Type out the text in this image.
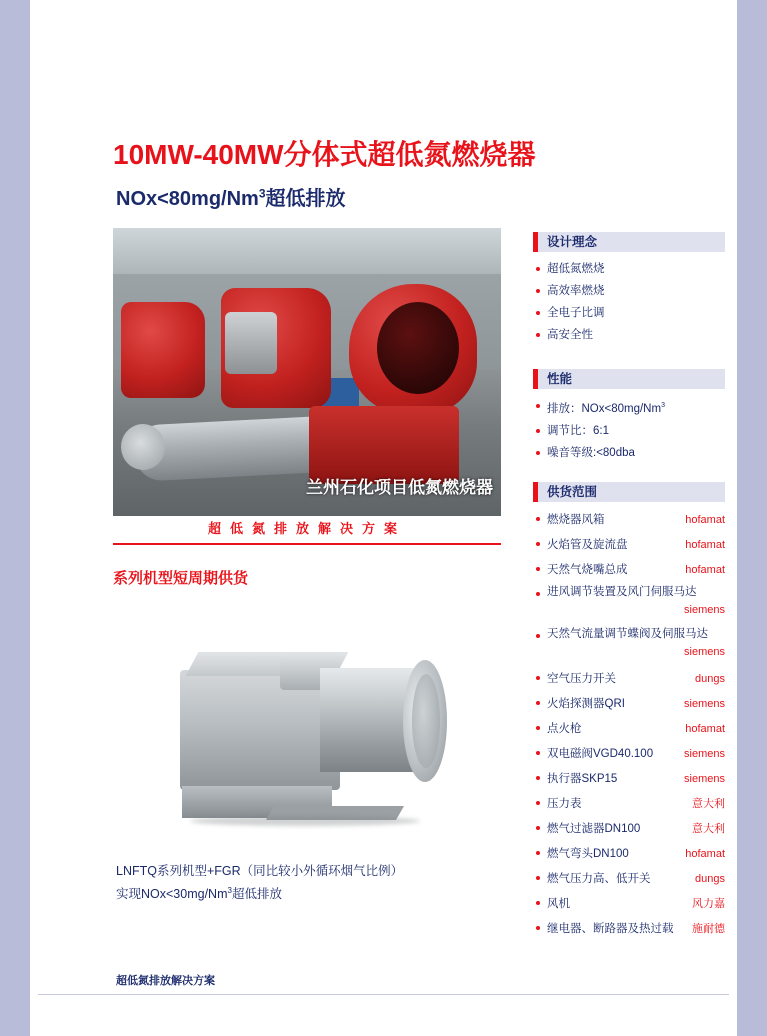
10MW-40MW分体式超低氮燃烧器
$NOx<80mg/Nm^3$超低排放
兰州石化项目低氮燃烧器
超低氮排放解决方案
系列机型短周期供货
LNFTQ系列机型+FGR（同比较小外循环烟气比例）
实现$NOx<30mg/Nm^3$超低排放
超低氮排放解决方案
设计理念
超低氮燃烧
高效率燃烧
全电子比调
高安全性
性能
排放：$NOx<80mg/Nm^3$
调节比：6:1
噪音等级:<80dba
供货范围
hofamat
燃烧器风箱
hofamat
火焰管及旋流盘
hofamat
天然气烧嘴总成
进风调节装置及风门伺服马达
siemens
天然气流量调节蝶阀及伺服马达
siemens
dungs
空气压力开关
siemens
火焰探测器QRI
hofamat
点火枪
siemens
双电磁阀VGD40.100
siemens
执行器SKP15
意大利
压力表
意大利
燃气过滤器DN100
hofamat
燃气弯头DN100
dungs
燃气压力高、低开关
风力嘉
风机
施耐德
继电器、断路器及热过载
